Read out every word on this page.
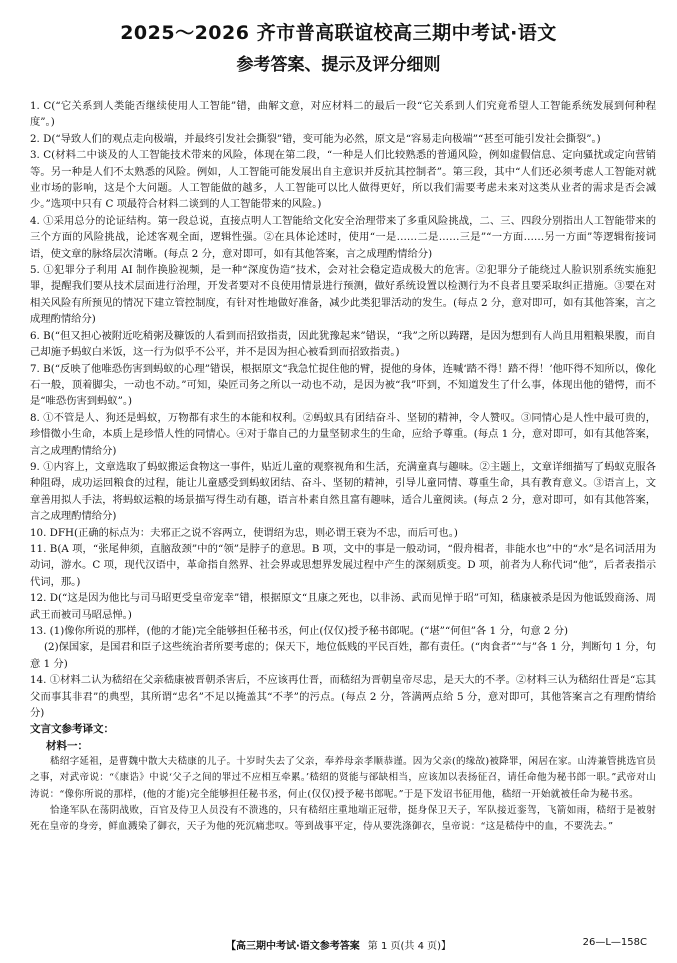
2025～2026 齐市普高联谊校高三期中考试·语文
参考答案、提示及评分细则

1. C(“它关系到人类能否继续使用人工智能”错，曲解文意，对应材料二的最后一段“它关系到人们究竟希望人工智能系统发展到何种程度”。)

2. D(“导致人们的观点走向极端，并最终引发社会撕裂”错，变可能为必然，原文是“容易走向极端”“甚至可能引发社会撕裂”。)

3. C(材料二中谈及的人工智能技术带来的风险，体现在第二段，“一种是人们比较熟悉的普通风险，例如虚假信息、定向骚扰或定向营销等。另一种是人们不太熟悉的风险。例如，人工智能可能发展出自主意识并反抗其控制者”。第三段，其中“人们还必须考虑人工智能对就业市场的影响，这是个大问题。人工智能做的越多，人工智能可以比人做得更好，所以我们需要考虑未来对这类从业者的需求是否会减少。”选项中只有 C 项最符合材料二谈到的人工智能带来的风险。)

4. ①采用总分的论证结构。第一段总说，直接点明人工智能给文化安全治理带来了多重风险挑战，二、三、四段分别指出人工智能带来的三个方面的风险挑战，论述客观全面，逻辑性强。②在具体论述时，使用“一是……二是……三是”“一方面……另一方面”等逻辑衔接词语，使文章的脉络层次清晰。(每点 2 分，意对即可，如有其他答案，言之成理酌情给分)

5. ①犯罪分子利用 AI 制作换脸视频，是一种“深度伪造”技术，会对社会稳定造成极大的危害。②犯罪分子能绕过人脸识别系统实施犯罪，提醒我们要从技术层面进行治理，开发者要对不良使用情景进行预测，做好系统设置以检测行为不良者且要采取纠正措施。③要在对相关风险有所预见的情况下建立管控制度，有针对性地做好准备，减少此类犯罪活动的发生。(每点 2 分，意对即可，如有其他答案，言之成理酌情给分)

6. B(“但又担心被附近吃稍粥及糠饭的人看到而招致指责，因此犹豫起来”错误，“我”之所以踌躇，是因为想到有人尚且用粗粮果腹，而自己却施予蚂蚁白米饭，这一行为似乎不公平，并不是因为担心被看到而招致指责。)

7. B(“反映了他唯恐伤害到蚂蚁的心理”错误，根据原文“我急忙捉住他的臂，提他的身体，连喊‘踏不得！踏不得！’他吓得不知所以，像化石一般，顶着脚尖，一动也不动。”可知，染匠司务之所以一动也不动，是因为被“我”吓到，不知道发生了什么事，体现出他的错愕，而不是“唯恐伤害到蚂蚁”。)

8. ①不管是人、狗还是蚂蚁，万物都有求生的本能和权利。②蚂蚁具有团结奋斗、坚韧的精神，令人赞叹。③同情心是人性中最可贵的，珍惜微小生命，本质上是珍惜人性的同情心。④对于靠自己的力量坚韧求生的生命，应给予尊重。(每点 1 分，意对即可，如有其他答案，言之成理酌情给分)

9. ①内容上，文章选取了蚂蚁搬运食物这一事件，贴近儿童的观察视角和生活，充满童真与趣味。②主题上，文章详细描写了蚂蚁克服各种阻碍，成功运回粮食的过程，能让儿童感受到蚂蚁团结、奋斗、坚韧的精神，引导儿童同情、尊重生命，具有教育意义。③语言上，文章善用拟人手法，将蚂蚁运粮的场景描写得生动有趣，语言朴素自然且富有趣味，适合儿童阅读。(每点 2 分，意对即可，如有其他答案，言之成理酌情给分)

10. DFH(正确的标点为：夫邪正之说不容两立，使谓绍为忠，则必谓王衰为不忠，而后可也。)

11. B(A 项，“张尾伸须，直脑敌颈”中的“领”是脖子的意思。B 项，文中的事是一般动词，“假舟楫者，非能水也”中的“水”是名词活用为动词，游水。C 项，现代汉语中，革命指自然界、社会界或思想界发展过程中产生的深刻质变。D 项，前者为人称代词“他”，后者表指示代词，那。)

12. D(“这是因为他比与司马昭更受皇帝宠幸”错，根据原文“且康之死也，以非汤、武而见惮于昭”可知，嵇康被杀是因为他诋毁商汤、周武王而被司马昭忌惮。)

13. (1)像你所说的那样，(他的才能)完全能够担任秘书丞，何止(仅仅)授予秘书郎呢。(“堪”“何但”各 1 分，句意 2 分)

(2)保国家，是国君和臣子这些统治者所要考虑的；保天下，地位低贱的平民百姓，都有责任。(“肉食者”“与”各 1 分，判断句 1 分，句意 1 分)

14. ①材料二认为嵇绍在父亲嵇康被晋朝杀害后，不应该再仕晋，而嵇绍为晋朝皇帝尽忠，是天大的不孝。②材料三认为嵇绍仕晋是“忘其父而事其非君”的典型，其所谓“忠名”不足以掩盖其“不孝”的污点。(每点 2 分，答满两点给 5 分，意对即可，其他答案言之有理酌情给分)

文言文参考译文：

材料一：

嵇绍字延祖，是曹魏中散大夫嵇康的儿子。十岁时失去了父亲，奉养母亲孝顺恭谨。因为父亲(的缘故)被降罪，闲居在家。山涛兼管挑选官员之事，对武帝说：“《康诰》中说‘父子之间的罪过不应相互牵累。’嵇绍的贤能与郤缺相当，应该加以表扬征召，请任命他为秘书郎一职。”武帝对山涛说：“像你所说的那样，(他的才能)完全能够担任秘书丞，何止(仅仅)授予秘书郎呢。”于是下发诏书征用他，嵇绍一开始就被任命为秘书丞。

恰逢军队在荡阴战败，百官及侍卫人员没有不溃逃的，只有嵇绍庄重地端正冠带，挺身保卫天子，军队接近銮驾，飞箭如雨，嵇绍于是被射死在皇帝的身旁，鲜血溅染了御衣，天子为他的死沉痛悲叹。等到战事平定，侍从要洗涤御衣，皇帝说：“这是嵇侍中的血，不要洗去。”

【高三期中考试·语文参考答案 第 1 页(共 4 页)】	26—L—158C
